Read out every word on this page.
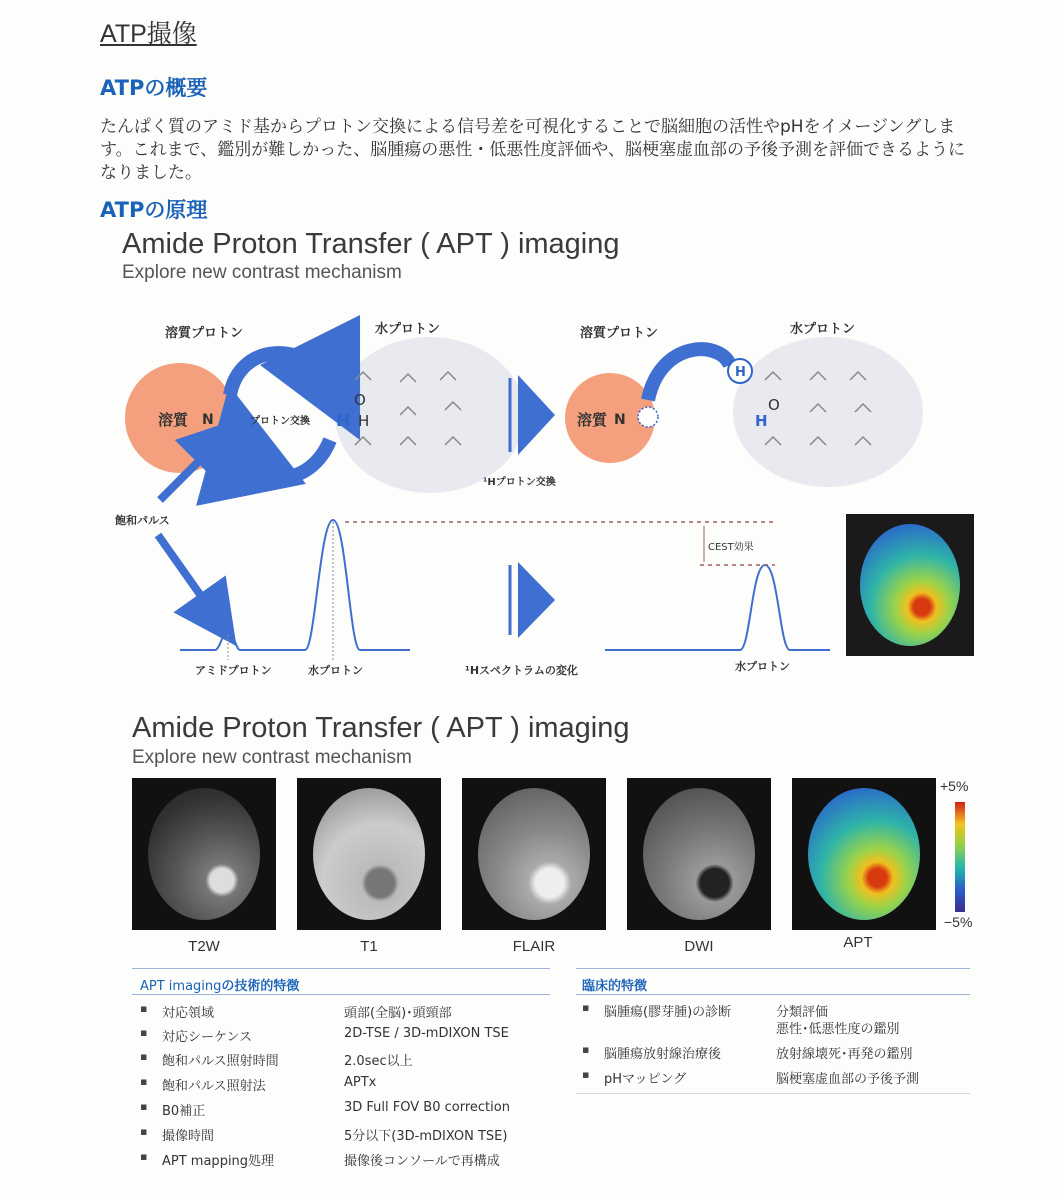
ATP撮像
ATPの概要
たんぱく質のアミド基からプロトン交換による信号差を可視化することで脳細胞の活性やpHをイメージングします。これまで、鑑別が難しかった、脳腫瘍の悪性・低悪性度評価や、脳梗塞虚血部の予後予測を評価できるようになりました。
ATPの原理
Amide Proton Transfer ( APT ) imaging
Explore new contrast mechanism
溶質プロトン	水プロトン
溶質 N H プロトン交換 H
O
H
¹Hプロトン交換
溶質プロトン	水プロトン
溶質 N
H
O
H
飽和パルス
アミドプロトン	水プロトン	¹Hスペクトラムの変化
CEST効果
水プロトン
Amide Proton Transfer ( APT ) imaging
Explore new contrast mechanism
T2W	T1	FLAIR	DWI	APT
+5%
−5%
APT imagingの技術的特徴
対応領域	頭部(全脳)･頭頸部
対応シーケンス	2D-TSE / 3D-mDIXON TSE
飽和パルス照射時間	2.0sec以上
飽和パルス照射法	APTx
B0補正	3D Full FOV B0 correction
撮像時間	5分以下(3D-mDIXON TSE)
APT mapping処理	撮像後コンソールで再構成
臨床的特徴
脳腫瘍(膠芽腫)の診断	分類評価
悪性･低悪性度の鑑別
脳腫瘍放射線治療後	放射線壊死･再発の鑑別
pHマッピング	脳梗塞虚血部の予後予測
